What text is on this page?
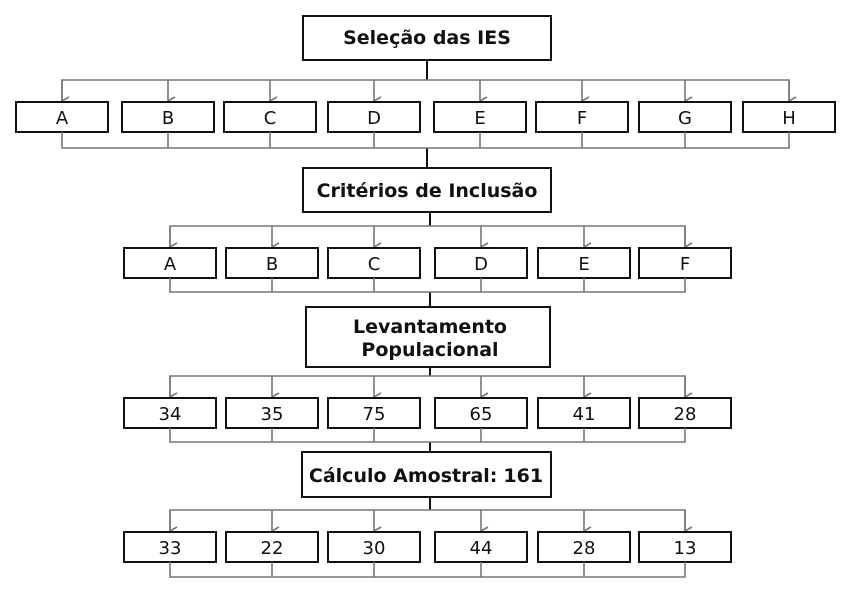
Seleção das IES
A	B	C	D	E	F	G	H
Critérios de Inclusão
A	B	C	D	E	F
Levantamento
Populacional
34	35	75	65	41	28
Cálculo Amostral: 161
33	22	30	44	28	13
